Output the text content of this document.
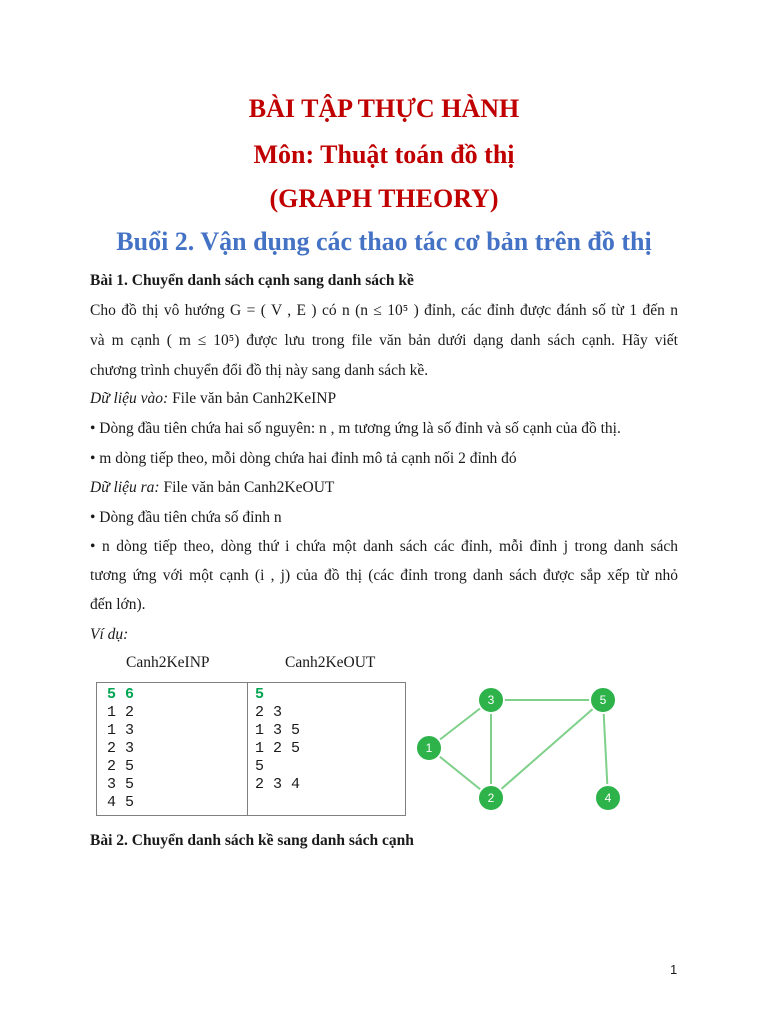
BÀI TẬP THỰC HÀNH
Môn: Thuật toán đồ thị
(GRAPH THEORY)
Buổi 2. Vận dụng các thao tác cơ bản trên đồ thị
Bài 1. Chuyển danh sách cạnh sang danh sách kề
Cho đồ thị vô hướng G = ( V , E ) có n (n ≤ 10⁵ ) đỉnh, các đỉnh được đánh số từ 1 đến n
và m cạnh ( m ≤ 10⁵) được lưu trong file văn bản dưới dạng danh sách cạnh. Hãy viết
chương trình chuyển đổi đồ thị này sang danh sách kề.
Dữ liệu vào: File văn bản Canh2KeINP
• Dòng đầu tiên chứa hai số nguyên: n , m tương ứng là số đỉnh và số cạnh của đồ thị.
• m dòng tiếp theo, mỗi dòng chứa hai đỉnh mô tả cạnh nối 2 đỉnh đó
Dữ liệu ra: File văn bản Canh2KeOUT
• Dòng đầu tiên chứa số đỉnh n
• n dòng tiếp theo, dòng thứ i chứa một danh sách các đỉnh, mỗi đỉnh j trong danh sách
tương ứng với một cạnh (i , j) của đồ thị (các đỉnh trong danh sách được sắp xếp từ nhỏ
đến lớn).
Ví dụ:
Canh2KeINP	Canh2KeOUT
5 6
1 2
1 3
2 3
2 5
3 5
4 5
5
2 3
1 3 5
1 2 5
5
2 3 4
1
2
3
4
5
Bài 2. Chuyển danh sách kề sang danh sách cạnh
1
